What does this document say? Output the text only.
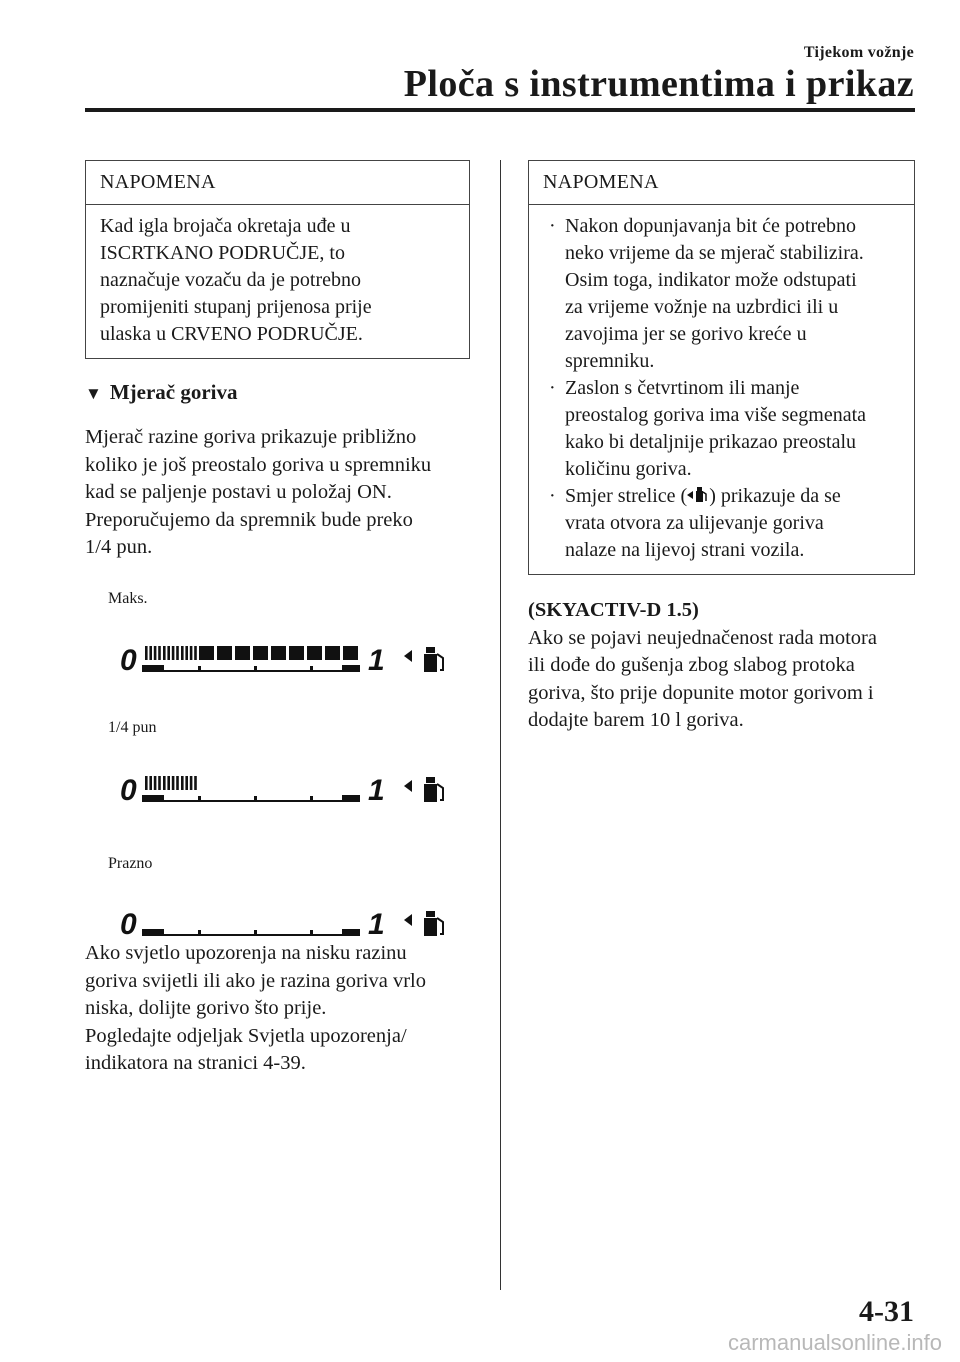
Tijekom vožnje
Ploča s instrumentima i prikaz
NAPOMENA
Kad igla brojača okretaja uđe u
ISCRTKANO PODRUČJE, to
naznačuje vozaču da je potrebno
promijeniti stupanj prijenosa prije
ulaska u CRVENO PODRUČJE.
▼ Mjerač goriva
Mjerač razine goriva prikazuje približno
koliko je još preostalo goriva u spremniku
kad se paljenje postavi u položaj ON.
Preporučujemo da spremnik bude preko
1/4 pun.
Maks.
0	1
1/4 pun
0	1
Prazno
0	1
Ako svjetlo upozorenja na nisku razinu
goriva svijetli ili ako je razina goriva vrlo
niska, dolijte gorivo što prije.
Pogledajte odjeljak Svjetla upozorenja/
indikatora na stranici 4-39.
NAPOMENA
· Nakon dopunjavanja bit će potrebno
neko vrijeme da se mjerač stabilizira.
Osim toga, indikator može odstupati
za vrijeme vožnje na uzbrdici ili u
zavojima jer se gorivo kreće u
spremniku.
· Zaslon s četvrtinom ili manje
preostalog goriva ima više segmenata
kako bi detaljnije prikazao preostalu
količinu goriva.
· Smjer strelice ( ) prikazuje da se
vrata otvora za ulijevanje goriva
nalaze na lijevoj strani vozila.
(SKYACTIV-D 1.5)
Ako se pojavi neujednačenost rada motora
ili dođe do gušenja zbog slabog protoka
goriva, što prije dopunite motor gorivom i
dodajte barem 10 l goriva.
4-31
carmanualsonline.info
